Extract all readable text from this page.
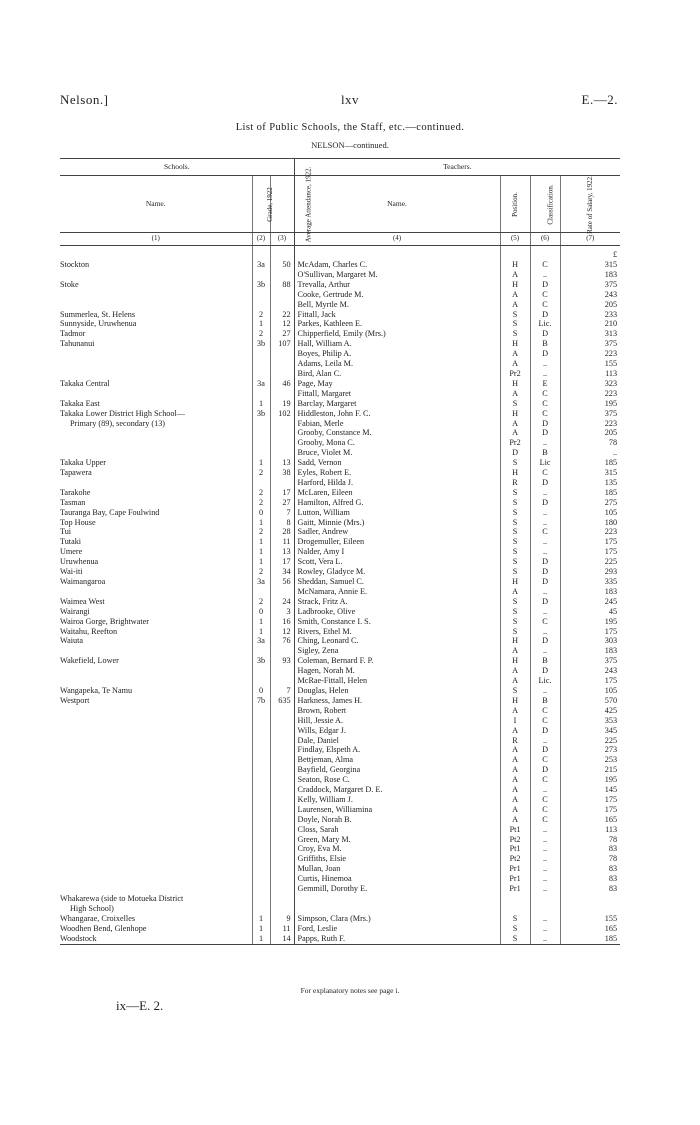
Nelson.]	lxv	E.—2.
List of Public Schools, the Staff, etc.—continued.
NELSON—continued.
Schools.			Teachers.			
Name.	Grade, 1922	Average Attendance, 1922.	Name.	Position.	Classification.	Rate of Salary, 1922.
(1)	(2)	(3)	(4)	(5)	(6)	(7)
						£
Stockton	3a	50	McAdam, Charles C.	H	C	315
			O'Sullivan, Margaret M.	A	..	183
Stoke	3b	88	Trevalla, Arthur	H	D	375
			Cooke, Gertrude M.	A	C	243
			Bell, Myrtle M.	A	C	205
Summerlea, St. Helens	2	22	Fittall, Jack	S	D	233
Sunnyside, Uruwhenua	1	12	Parkes, Kathleen E.	S	Lic.	210
Tadmor	2	27	Chipperfield, Emily (Mrs.)	S	D	313
Tahunanui	3b	107	Hall, William A.	H	B	375
			Boyes, Philip A.	A	D	223
			Adams, Leila M.	A	..	155
			Bird, Alan C.	Pr2	..	113
Takaka Central	3a	46	Page, May	H	E	323
			Fittall, Margaret	A	C	223
Takaka East	1	19	Barclay, Margaret	S	C	195
Takaka Lower District High School—	3b	102	Hiddleston, John F. C.	H	C	375
Primary (89), secondary (13)			Fabian, Merle	A	D	223
			Grooby, Constance M.	A	D	205
			Grooby, Mona C.	Pr2	..	78
			Bruce, Violet M.	D	B	..
Takaka Upper	1	13	Sadd, Vernon	S	Lic	185
Tapawera	2	38	Eyles, Robert E.	H	C	315
			Harford, Hilda J.	R	D	135
Tarakohe	2	17	McLaren, Eileen	S	..	185
Tasman	2	27	Hamilton, Alfred G.	S	D	275
Tauranga Bay, Cape Foulwind	0	7	Lutton, William	S	..	105
Top House	1	8	Gaitt, Minnie (Mrs.)	S	..	180
Tui	2	28	Sadler, Andrew	S	C	223
Tutaki	1	11	Drogemuller, Eileen	S	..	175
Umere	1	13	Nalder, Amy I	S	..	175
Uruwhenua	1	17	Scott, Vera L.	S	D	225
Wai-iti	2	34	Rowley, Gladyce M.	S	D	293
Waimangaroa	3a	56	Sheddan, Samuel C.	H	D	335
			McNamara, Annie E.	A	..	183
Waimea West	2	24	Strack, Fritz A.	S	D	245
Wairangi	0	3	Ladbrooke, Olive	S	..	45
Wairoa Gorge, Brightwater	1	16	Smith, Constance I. S.	S	C	195
Waitahu, Reefton	1	12	Rivers, Ethel M.	S	..	175
Waiuta	3a	76	Ching, Leonard C.	H	D	303
			Sigley, Zena	A	..	183
Wakefield, Lower	3b	93	Coleman, Bernard F. P.	H	B	375
			Hagen, Norah M.	A	D	243
			McRae-Fittall, Helen	A	Lic.	175
Wangapeka, Te Namu	0	7	Douglas, Helen	S	..	105
Westport	7b	635	Harkness, James H.	H	B	570
			Brown, Robert	A	C	425
			Hill, Jessie A.	I	C	353
			Wills, Edgar J.	A	D	345
			Dale, Daniel	R	..	225
			Findlay, Elspeth A.	A	D	273
			Bettjeman, Alma	A	C	253
			Bayfield, Georgina	A	D	215
			Seaton, Rose C.	A	C	195
			Craddock, Margaret D. E.	A	..	145
			Kelly, William J.	A	C	175
			Laurensen, Williamina	A	C	175
			Doyle, Norah B.	A	C	165
			Closs, Sarah	Pt1	..	113
			Green, Mary M.	Pt2	..	78
			Croy, Eva M.	Pt1	..	83
			Griffiths, Elsie	Pt2	..	78
			Mullan, Joan	Pr1	..	83
			Curtis, Hinemoa	Pr1	..	83
			Gemmill, Dorothy E.	Pr1	..	83
Whakarewa (side to Motueka District						
High School)						
Whangarae, Croixelles	1	9	Simpson, Clara (Mrs.)	S	..	155
Woodhen Bend, Glenhope	1	11	Ford, Leslie	S	..	165
Woodstock	1	14	Papps, Ruth F.	S	..	185
For explanatory notes see page i.
ix—E. 2.
